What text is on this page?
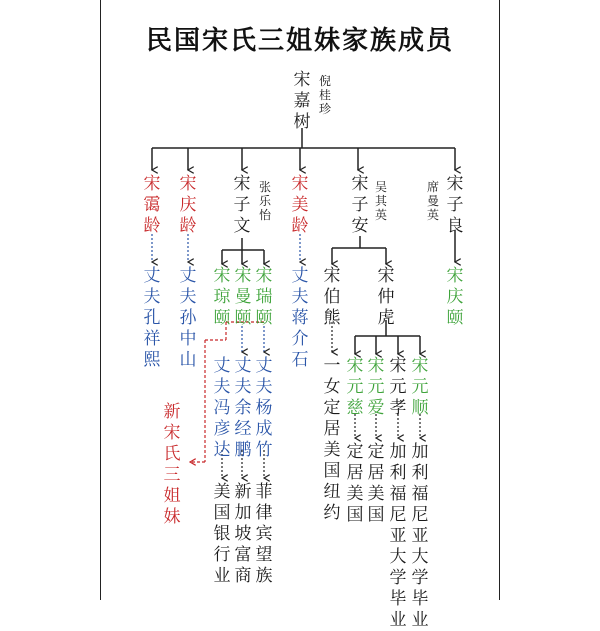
民国宋氏三姐妹家族成员
宋嘉树
倪桂珍
宋霭龄
宋庆龄
宋子文
张乐怡
宋美龄
宋子安
吴其英
席曼英
宋子良
丈夫孔祥熙
丈夫孙中山
宋琼颐
宋曼颐
宋瑞颐
丈夫蒋介石
宋伯熊
宋仲虎
宋庆颐
丈夫冯彦达
丈夫余经鹏
丈夫杨成竹
新宋氏三姐妹
一女定居美国纽约
宋元慈
宋元爱
宋元孝
宋元顺
美国银行业
新加坡富商
菲律宾望族
定居美国
定居美国
加利福尼亚大学毕业
加利福尼亚大学毕业
